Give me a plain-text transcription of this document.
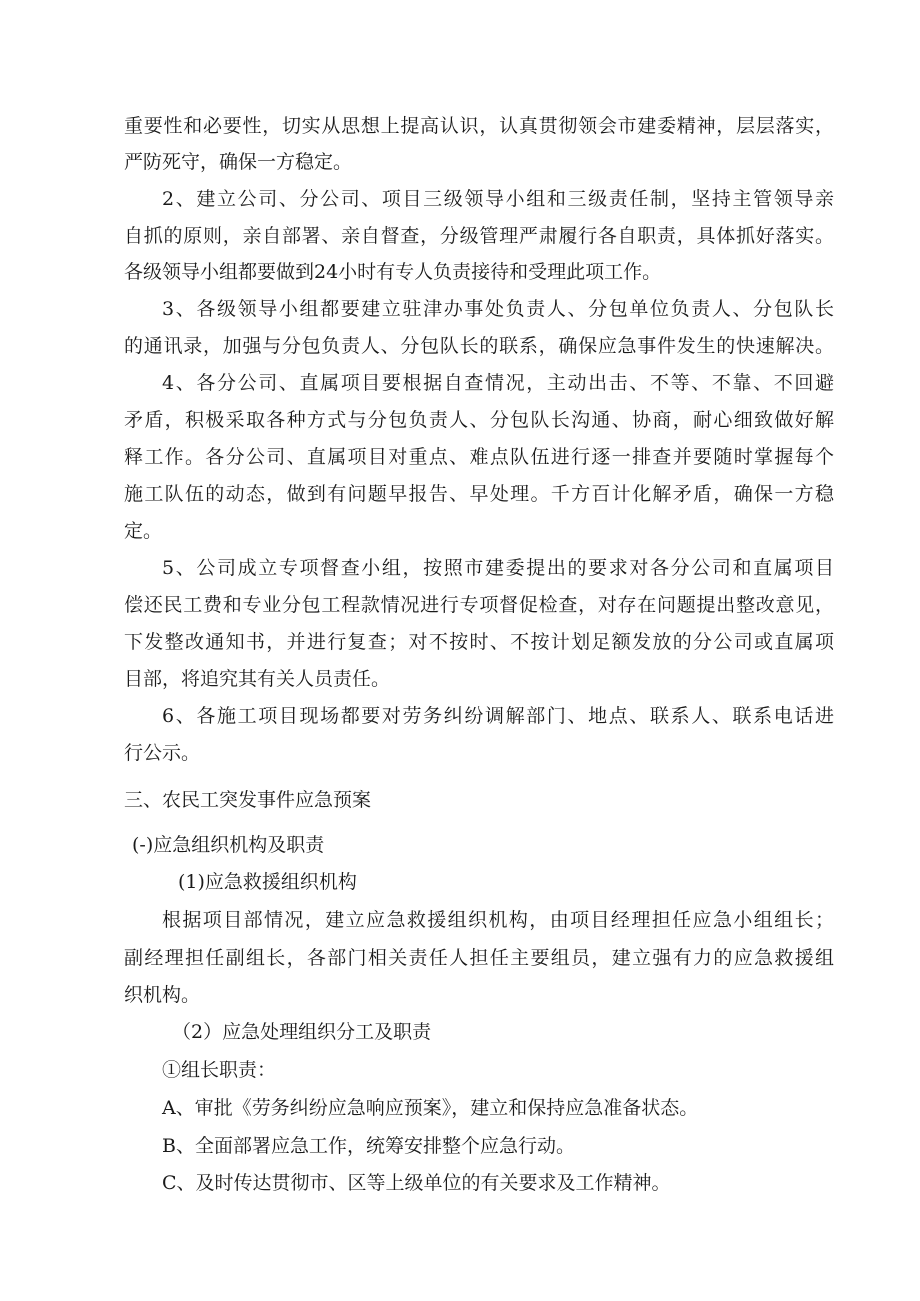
重要性和必要性，切实从思想上提高认识，认真贯彻领会市建委精神，层层落实，
严防死守，确保一方稳定。
2、建立公司、分公司、项目三级领导小组和三级责任制，坚持主管领导亲
自抓的原则，亲自部署、亲自督查，分级管理严肃履行各自职责，具体抓好落实。
各级领导小组都要做到24小时有专人负责接待和受理此项工作。
3、各级领导小组都要建立驻津办事处负责人、分包单位负责人、分包队长
的通讯录，加强与分包负责人、分包队长的联系，确保应急事件发生的快速解决。
4、各分公司、直属项目要根据自查情况，主动出击、不等、不靠、不回避
矛盾，积极采取各种方式与分包负责人、分包队长沟通、协商，耐心细致做好解
释工作。各分公司、直属项目对重点、难点队伍进行逐一排查并要随时掌握每个
施工队伍的动态，做到有问题早报告、早处理。千方百计化解矛盾，确保一方稳
定。
5、公司成立专项督查小组，按照市建委提出的要求对各分公司和直属项目
偿还民工费和专业分包工程款情况进行专项督促检查，对存在问题提出整改意见，
下发整改通知书，并进行复查；对不按时、不按计划足额发放的分公司或直属项
目部，将追究其有关人员责任。
6、各施工项目现场都要对劳务纠纷调解部门、地点、联系人、联系电话进
行公示。
三、农民工突发事件应急预案
(-)应急组织机构及职责
(1)应急救援组织机构
根据项目部情况，建立应急救援组织机构，由项目经理担任应急小组组长；
副经理担任副组长，各部门相关责任人担任主要组员，建立强有力的应急救援组
织机构。
（2）应急处理组织分工及职责
①组长职责：
A、审批《劳务纠纷应急响应预案》，建立和保持应急准备状态。
B、全面部署应急工作，统筹安排整个应急行动。
C、及时传达贯彻市、区等上级单位的有关要求及工作精神。
